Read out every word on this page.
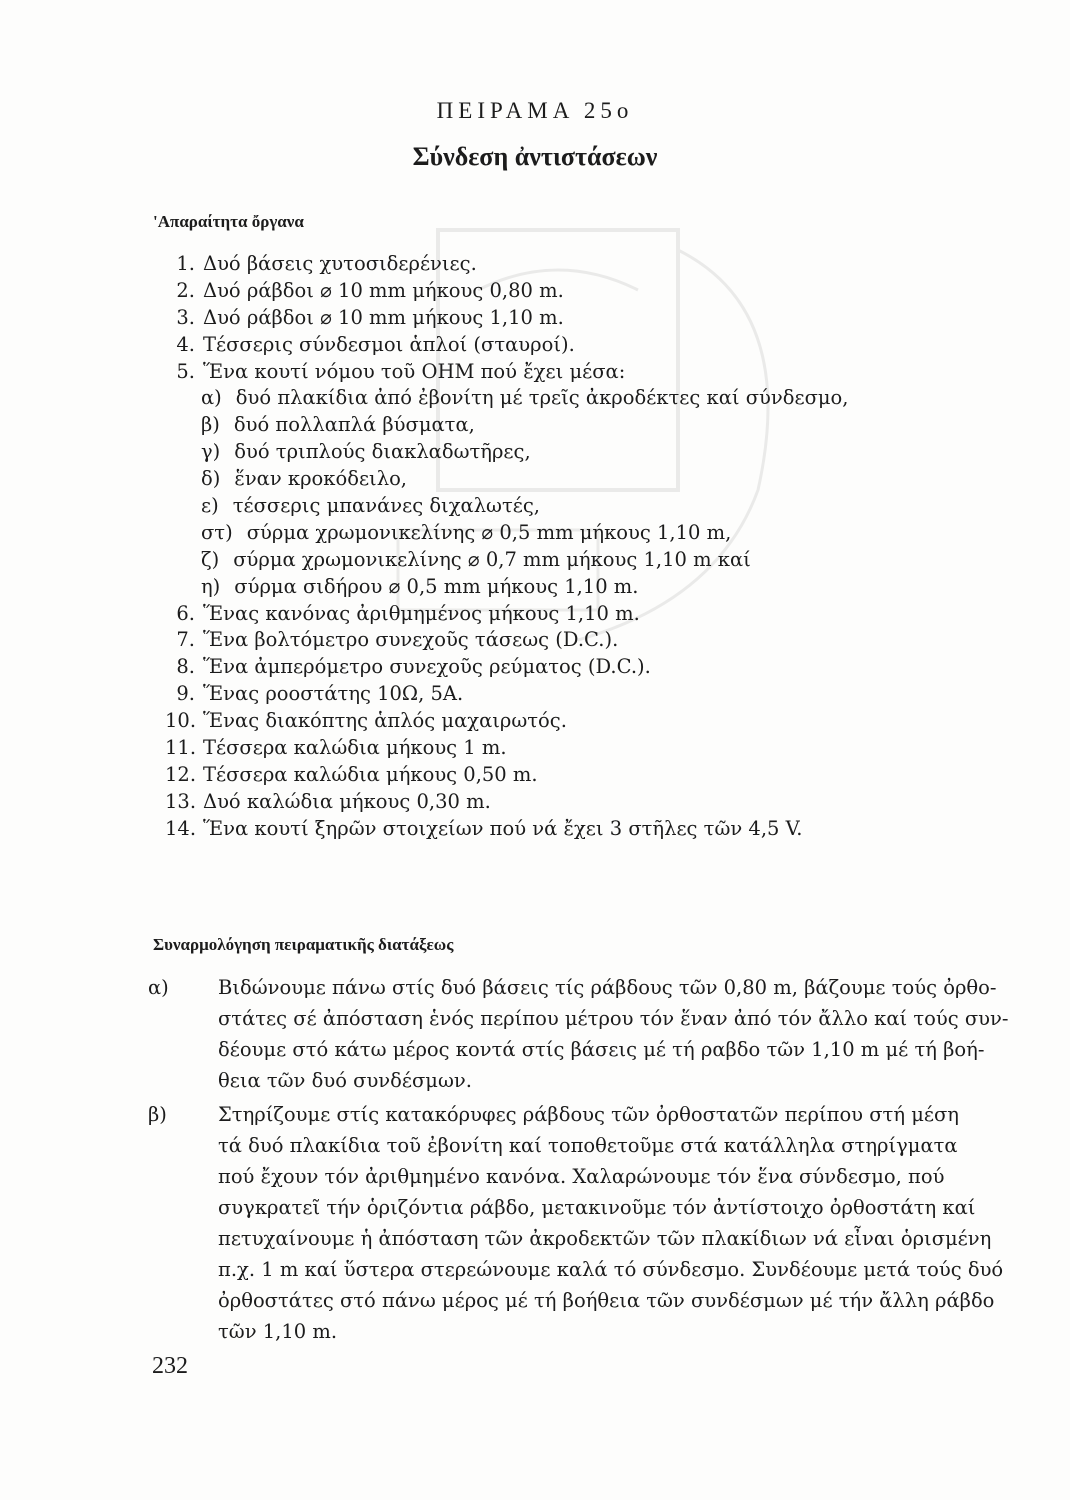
ΠΕΙΡΑΜΑ 25ο
Σύνδεση ἀντιστάσεων
'Απαραίτητα ὄργανα
1. Δυό βάσεις χυτοσιδερένιες.
2. Δυό ράβδοι ⌀ 10 mm μήκους 0,80 m.
3. Δυό ράβδοι ⌀ 10 mm μήκους 1,10 m.
4. Τέσσερις σύνδεσμοι ἁπλοί (σταυροί).
5. Ἕνα κουτί νόμου τοῦ ΟΗΜ πού ἔχει μέσα:
α) δυό πλακίδια ἀπό ἐβονίτη μέ τρεῖς ἀκροδέκτες καί σύνδεσμο,
β) δυό πολλαπλά βύσματα,
γ) δυό τριπλούς διακλαδωτῆρες,
δ) ἕναν κροκόδειλο,
ε) τέσσερις μπανάνες διχαλωτές,
στ) σύρμα χρωμονικελίνης ⌀ 0,5 mm μήκους 1,10 m,
ζ) σύρμα χρωμονικελίνης ⌀ 0,7 mm μήκους 1,10 m καί
η) σύρμα σιδήρου ⌀ 0,5 mm μήκους 1,10 m.
6. Ἕνας κανόνας ἀριθμημένος μήκους 1,10 m.
7. Ἕνα βολτόμετρο συνεχοῦς τάσεως (D.C.).
8. Ἕνα ἀμπερόμετρο συνεχοῦς ρεύματος (D.C.).
9. Ἕνας ροοστάτης 10Ω, 5Α.
10. Ἕνας διακόπτης ἁπλός μαχαιρωτός.
11. Τέσσερα καλώδια μήκους 1 m.
12. Τέσσερα καλώδια μήκους 0,50 m.
13. Δυό καλώδια μήκους 0,30 m.
14. Ἕνα κουτί ξηρῶν στοιχείων πού νά ἔχει 3 στῆλες τῶν 4,5 V.
Συναρμολόγηση πειραματικῆς διατάξεως
α)	Βιδώνουμε πάνω στίς δυό βάσεις τίς ράβδους τῶν 0,80 m, βάζουμε τούς ὀρθο-
στάτες σέ ἀπόσταση ἑνός περίπου μέτρου τόν ἕναν ἀπό τόν ἄλλο καί τούς συν-
δέουμε στό κάτω μέρος κοντά στίς βάσεις μέ τή ραβδο τῶν 1,10 m μέ τή βοή-
θεια τῶν δυό συνδέσμων.
β)	Στηρίζουμε στίς κατακόρυφες ράβδους τῶν ὀρθοστατῶν περίπου στή μέση
τά δυό πλακίδια τοῦ ἐβονίτη καί τοποθετοῦμε στά κατάλληλα στηρίγματα
πού ἔχουν τόν ἀριθμημένο κανόνα. Χαλαρώνουμε τόν ἕνα σύνδεσμο, πού
συγκρατεῖ τήν ὁριζόντια ράβδο, μετακινοῦμε τόν ἀντίστοιχο ὀρθοστάτη καί
πετυχαίνουμε ἡ ἀπόσταση τῶν ἀκροδεκτῶν τῶν πλακίδιων νά εἶναι ὁρισμένη
π.χ. 1 m καί ὕστερα στερεώνουμε καλά τό σύνδεσμο. Συνδέουμε μετά τούς δυό
ὀρθοστάτες στό πάνω μέρος μέ τή βοήθεια τῶν συνδέσμων μέ τήν ἄλλη ράβδο
τῶν 1,10 m.
232
